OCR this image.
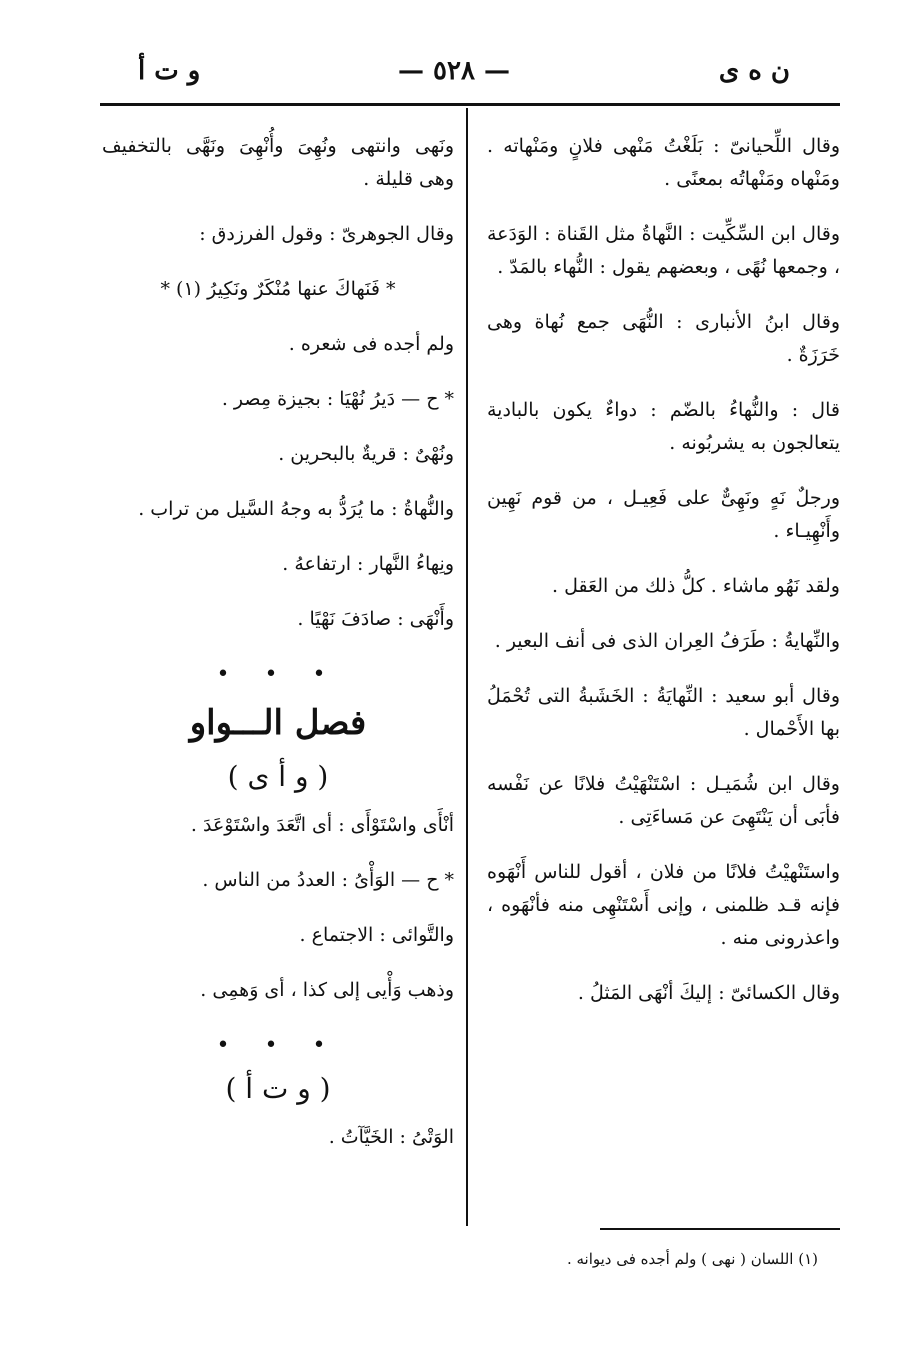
ن ه ى
— ٥٢٨ —
و ت أ

وقال اللِّحيانىّ : بَلَغْتُ مَنْهى فلانٍ ومَنْهاته . ومَنْهاه ومَنْهاتُه بمعنًى .

وقال ابن السِّكِّيت : النَّهاةُ مثل القَناة : الوَدَعة ، وجمعها نُهًى ، وبعضهم يقول : النُّهاء بالمَدّ .

وقال ابنُ الأنبارى : النُّهَى جمع نُهاة وهى خَرَزَةٌ .

قال : والنُّهاءُ بالضّم : دواءٌ يكون بالبادية يتعالجون به يشربُونه .

ورجلٌ نَهٍ ونَهِىٌّ على فَعِيـل ، من قوم نَهِين وأَنْهِيـاء .

ولقد نَهُو ماشاء . كلُّ ذلك من العَقل .

والنِّهايةُ : طَرَفُ العِران الذى فى أنف البعير .

وقال أبو سعيد : النِّهايَةُ : الخَشَبةُ التى تُحْمَلُ بها الأَحْمال .

وقال ابن شُمَيـل : اسْتَنْهَيْتُ فلانًا عن نَفْسه فأبَى أن يَنْتَهِىَ عن مَساءَتِى .

واستَنْهيْتُ فلانًا من فلان ، أقول للناس أَنْهَوه فإنه قـد ظلمنى ، وإنى أَسْتَنْهِى منه فأنْهَوه ، واعذرونى منه .

وقال الكسائىّ : إليكَ أنْهَى المَثلُ .

ونَهى وانتهى ونُهِىَ وأُنْهِىَ ونَهَّى بالتخفيف وهى قليلة .

وقال الجوهرىّ : وقول الفرزدق :

* فَنَهاكَ عنها مُنْكَرٌ ونَكِيرُ (١) *

ولم أجده فى شعره .

* ح — دَيرُ نُهْيَا : بجيزة مِصر .

ونُهْىٌ : قريةٌ بالبحرين .

والنُّهاةُ : ما يُرَدُّ به وجهُ السَّيل من تراب .

ونِهاءُ النَّهار : ارتفاعهُ .

وأَنْهَى : صادَفَ نَهْيًا .

• • •
فصل الـــواو
( و أ ى )

أنْأَى واسْتَوْأَى : أى اتَّعَدَ واسْتَوْعَدَ .

* ح — الوَأْىُ : العددُ من الناس .

والتَّوائى : الاجتماع .

وذهب وَأْيى إلى كذا ، أى وَهمِى .

• • •
( و ت أ )

الوَتْىُ : الخَيَّآتُ .

(١) اللسان ( نهى ) ولم أجده فى ديوانه .
